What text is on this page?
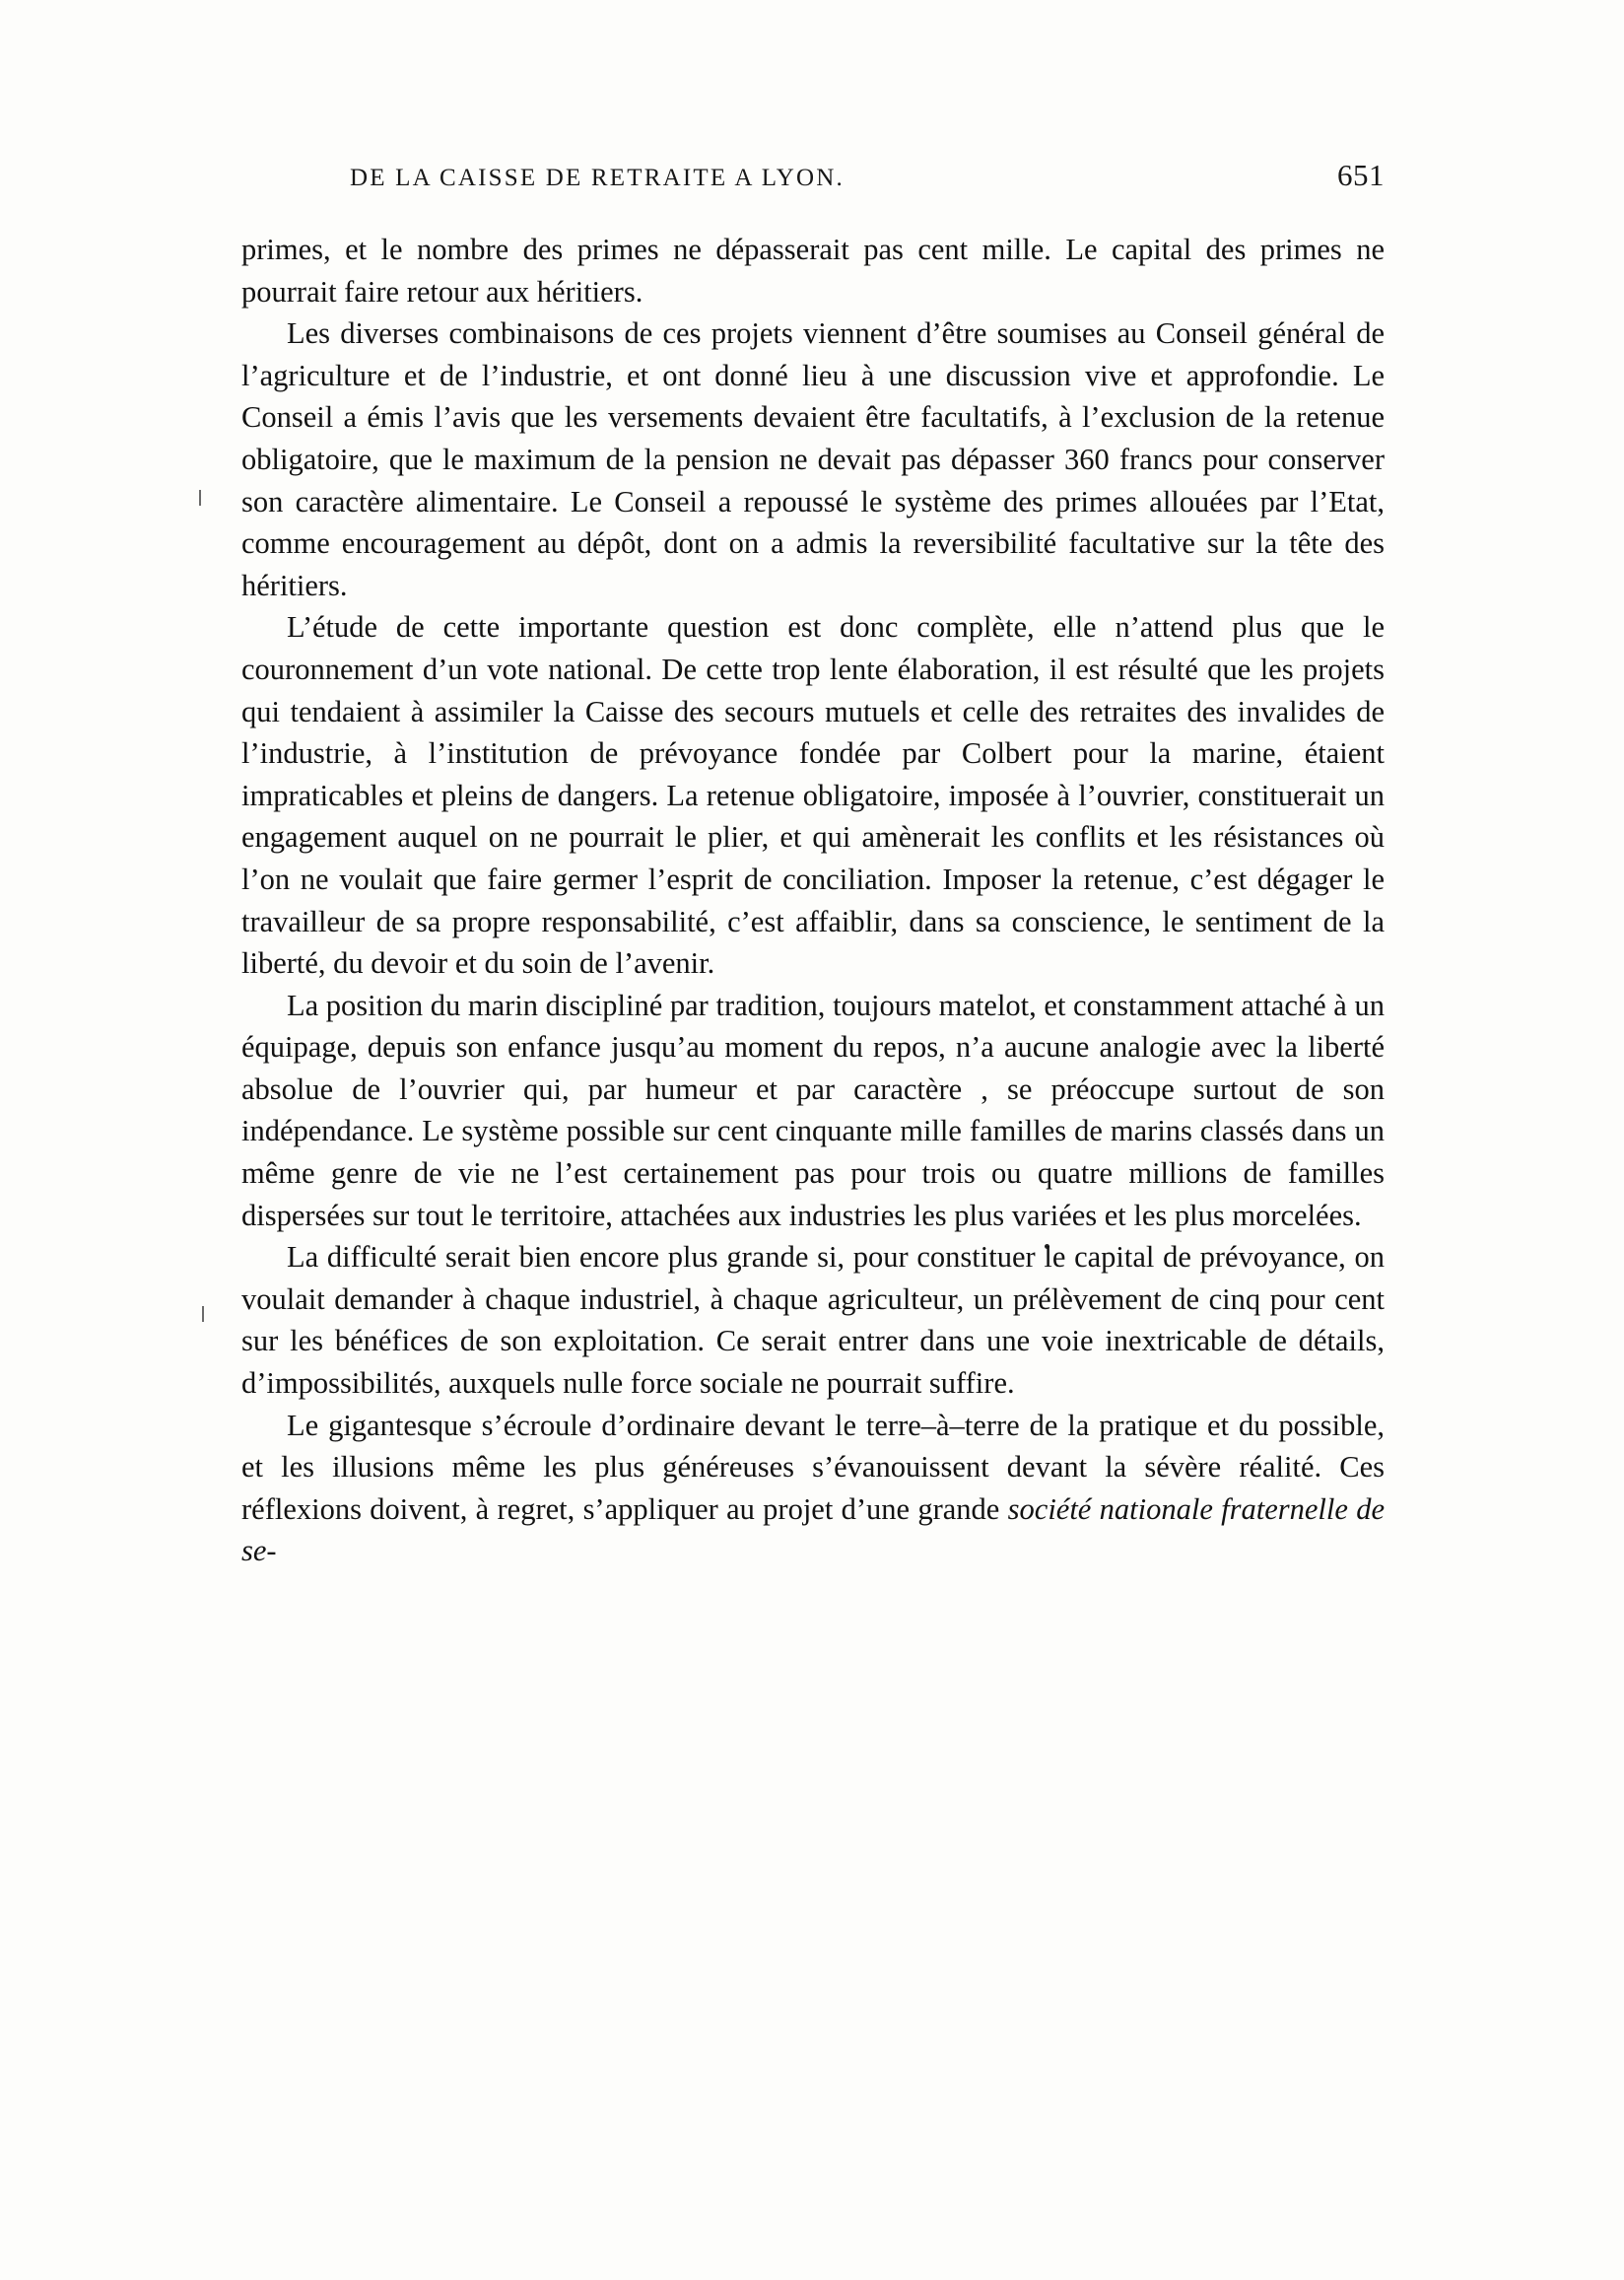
DE LA CAISSE DE RETRAITE A LYON.	651

primes, et le nombre des primes ne dépasserait pas cent mille. Le capital des primes ne pourrait faire retour aux héritiers.

Les diverses combinaisons de ces projets viennent d’être soumises au Conseil général de l’agriculture et de l’industrie, et ont donné lieu à une discussion vive et approfondie. Le Conseil a émis l’avis que les versements devaient être facultatifs, à l’exclusion de la retenue obligatoire, que le maximum de la pension ne devait pas dépasser 360 francs pour conserver son caractère alimentaire. Le Conseil a repoussé le système des primes allouées par l’Etat, comme encouragement au dépôt, dont on a admis la reversibilité facultative sur la tête des héritiers.

L’étude de cette importante question est donc complète, elle n’attend plus que le couronnement d’un vote national. De cette trop lente élaboration, il est résulté que les projets qui tendaient à assimiler la Caisse des secours mutuels et celle des retraites des invalides de l’industrie, à l’institution de prévoyance fondée par Colbert pour la marine, étaient impraticables et pleins de dangers. La retenue obligatoire, imposée à l’ouvrier, constituerait un engagement auquel on ne pourrait le plier, et qui amènerait les conflits et les résistances où l’on ne voulait que faire germer l’esprit de conciliation. Imposer la retenue, c’est dégager le travailleur de sa propre responsabilité, c’est affaiblir, dans sa conscience, le sentiment de la liberté, du devoir et du soin de l’avenir.

La position du marin discipliné par tradition, toujours matelot, et constamment attaché à un équipage, depuis son enfance jusqu’au moment du repos, n’a aucune analogie avec la liberté absolue de l’ouvrier qui, par humeur et par caractère , se préoccupe surtout de son indépendance. Le système possible sur cent cinquante mille familles de marins classés dans un même genre de vie ne l’est certainement pas pour trois ou quatre millions de familles dispersées sur tout le territoire, attachées aux industries les plus variées et les plus morcelées.

La difficulté serait bien encore plus grande si, pour constituer le capital de prévoyance, on voulait demander à chaque industriel, à chaque agriculteur, un prélèvement de cinq pour cent sur les bénéfices de son exploitation. Ce serait entrer dans une voie inextricable de détails, d’impossibilités, auxquels nulle force sociale ne pourrait suffire.

Le gigantesque s’écroule d’ordinaire devant le terre–à–terre de la pratique et du possible, et les illusions même les plus généreuses s’évanouissent devant la sévère réalité. Ces réflexions doivent, à regret, s’appliquer au projet d’une grande société nationale fraternelle de se-
